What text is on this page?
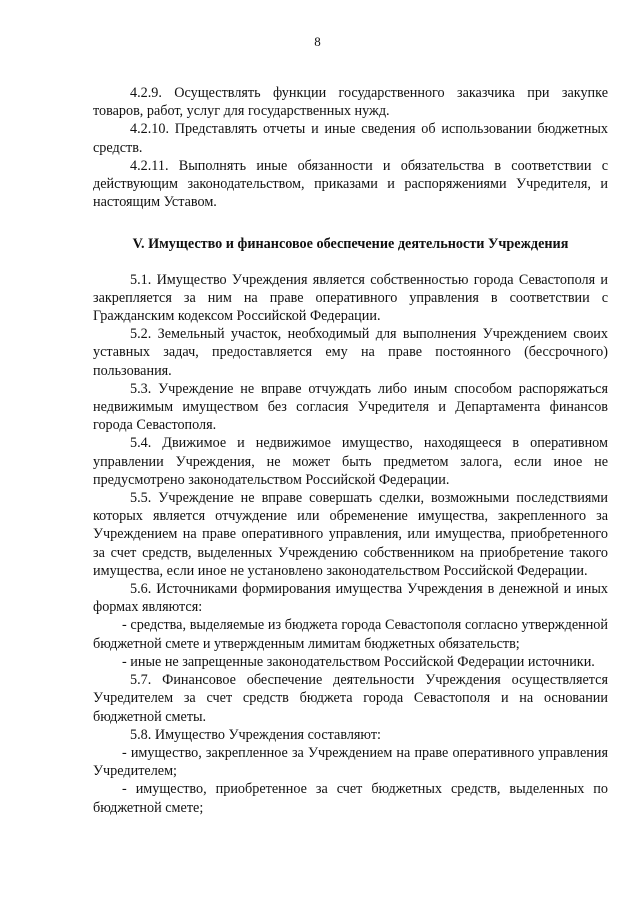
8

4.2.9. Осуществлять функции государственного заказчика при закупке товаров, работ, услуг для государственных нужд.

4.2.10. Представлять отчеты и иные сведения об использовании бюджетных средств.

4.2.11. Выполнять иные обязанности и обязательства в соответствии с действующим законодательством, приказами и распоряжениями Учредителя, и настоящим Уставом.

V. Имущество и финансовое обеспечение деятельности Учреждения

5.1. Имущество Учреждения является собственностью города Севастополя и закрепляется за ним на праве оперативного управления в соответствии с Гражданским кодексом Российской Федерации.

5.2. Земельный участок, необходимый для выполнения Учреждением своих уставных задач, предоставляется ему на праве постоянного (бессрочного) пользования.

5.3. Учреждение не вправе отчуждать либо иным способом распоряжаться недвижимым имуществом без согласия Учредителя и Департамента финансов города Севастополя.

5.4. Движимое и недвижимое имущество, находящееся в оперативном управлении Учреждения, не может быть предметом залога, если иное не предусмотрено законодательством Российской Федерации.

5.5. Учреждение не вправе совершать сделки, возможными последствиями которых является отчуждение или обременение имущества, закрепленного за Учреждением на праве оперативного управления, или имущества, приобретенного за счет средств, выделенных Учреждению собственником на приобретение такого имущества, если иное не установлено законодательством Российской Федерации.

5.6. Источниками формирования имущества Учреждения в денежной и иных формах являются:

- средства, выделяемые из бюджета города Севастополя согласно утвержденной бюджетной смете и утвержденным лимитам бюджетных обязательств;

- иные не запрещенные законодательством Российской Федерации источники.

5.7. Финансовое обеспечение деятельности Учреждения осуществляется Учредителем за счет средств бюджета города Севастополя и на основании бюджетной сметы.

5.8. Имущество Учреждения составляют:

- имущество, закрепленное за Учреждением на праве оперативного управления Учредителем;

- имущество, приобретенное за счет бюджетных средств, выделенных по бюджетной смете;
